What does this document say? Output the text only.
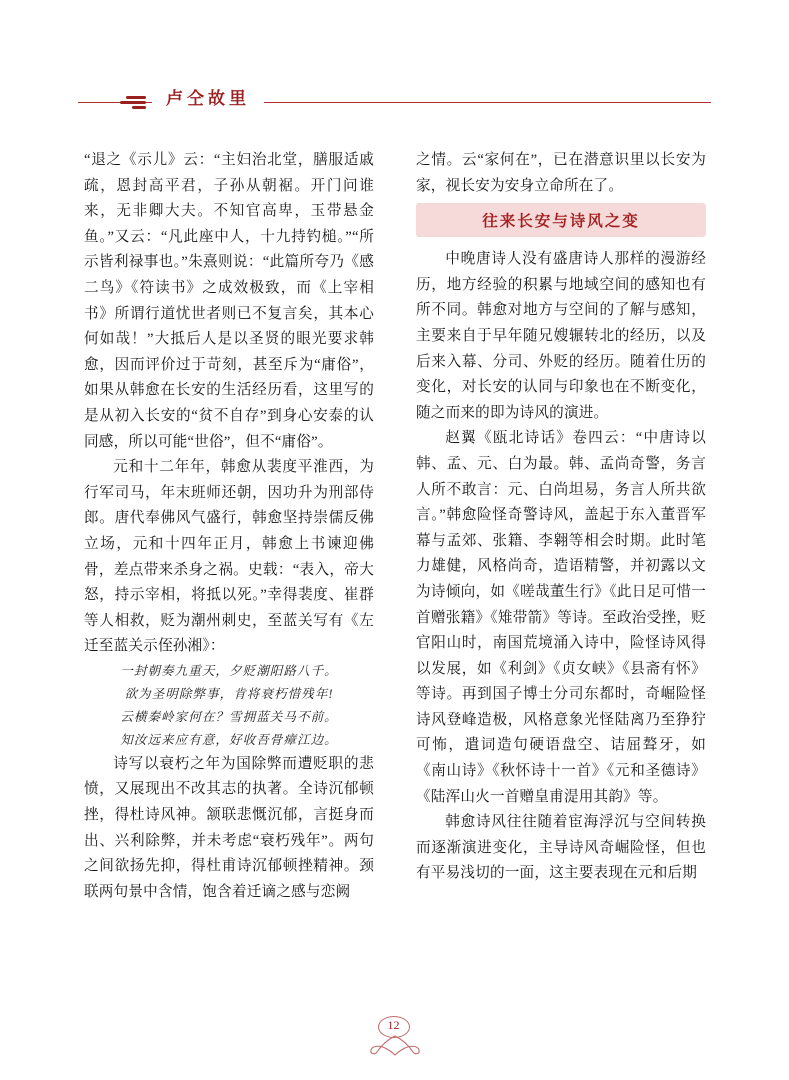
卢仝故里

“退之《示儿》云：“主妇治北堂，膳服适戚疏，恩封高平君，子孙从朝裾。开门问谁来，无非卿大夫。不知官高卑，玉带悬金鱼。”又云：“凡此座中人，十九持钓槌。”“所示皆利禄事也。”朱熹则说：“此篇所夸乃《感二鸟》《符读书》之成效极致，而《上宰相书》所谓行道忧世者则已不复言矣，其本心何如哉！”大抵后人是以圣贤的眼光要求韩愈，因而评价过于苛刻，甚至斥为“庸俗”，如果从韩愈在长安的生活经历看，这里写的是从初入长安的“贫不自存”到身心安泰的认同感，所以可能“世俗”，但不“庸俗”。

元和十二年年，韩愈从裴度平淮西，为行军司马，年末班师还朝，因功升为刑部侍郎。唐代奉佛风气盛行，韩愈坚持崇儒反佛立场，元和十四年正月，韩愈上书谏迎佛骨，差点带来杀身之祸。史载：“表入，帝大怒，持示宰相，将抵以死。”幸得裴度、崔群等人相救，贬为潮州刺史，至蓝关写有《左迁至蓝关示侄孙湘》：

一封朝奏九重天，夕贬潮阳路八千。
欲为圣明除弊事，肯将衰朽惜残年!
云横秦岭家何在？雪拥蓝关马不前。
知汝远来应有意，好收吾骨瘴江边。

诗写以衰朽之年为国除弊而遭贬职的悲愤，又展现出不改其志的执著。全诗沉郁顿挫，得杜诗风神。颔联悲慨沉郁，言挺身而出、兴利除弊，并未考虑“衰朽残年”。两句之间欲扬先抑，得杜甫诗沉郁顿挫精神。颈联两句景中含情，饱含着迁谪之感与恋阙

之情。云“家何在”，已在潜意识里以长安为家，视长安为安身立命所在了。

往来长安与诗风之变

中晚唐诗人没有盛唐诗人那样的漫游经历，地方经验的积累与地域空间的感知也有所不同。韩愈对地方与空间的了解与感知，主要来自于早年随兄嫂辗转北的经历，以及后来入幕、分司、外贬的经历。随着仕历的变化，对长安的认同与印象也在不断变化，随之而来的即为诗风的演进。

赵翼《瓯北诗话》卷四云：“中唐诗以韩、孟、元、白为最。韩、孟尚奇警，务言人所不敢言：元、白尚坦易，务言人所共欲言。”韩愈险怪奇警诗风，盖起于东入董晋军幕与孟郊、张籍、李翱等相会时期。此时笔力雄健，风格尚奇，造语精警，并初露以文为诗倾向，如《嗟哉董生行》《此日足可惜一首赠张籍》《雉带箭》等诗。至政治受挫，贬官阳山时，南国荒境涌入诗中，险怪诗风得以发展，如《利剑》《贞女峡》《县斋有怀》等诗。再到国子博士分司东都时，奇崛险怪诗风登峰造极，风格意象光怪陆离乃至狰狞可怖，遣词造句硬语盘空、诘屈聱牙，如《南山诗》《秋怀诗十一首》《元和圣德诗》《陆浑山火一首赠皇甫湜用其韵》等。

韩愈诗风往往随着宦海浮沉与空间转换而逐渐演进变化，主导诗风奇崛险怪，但也有平易浅切的一面，这主要表现在元和后期

12
